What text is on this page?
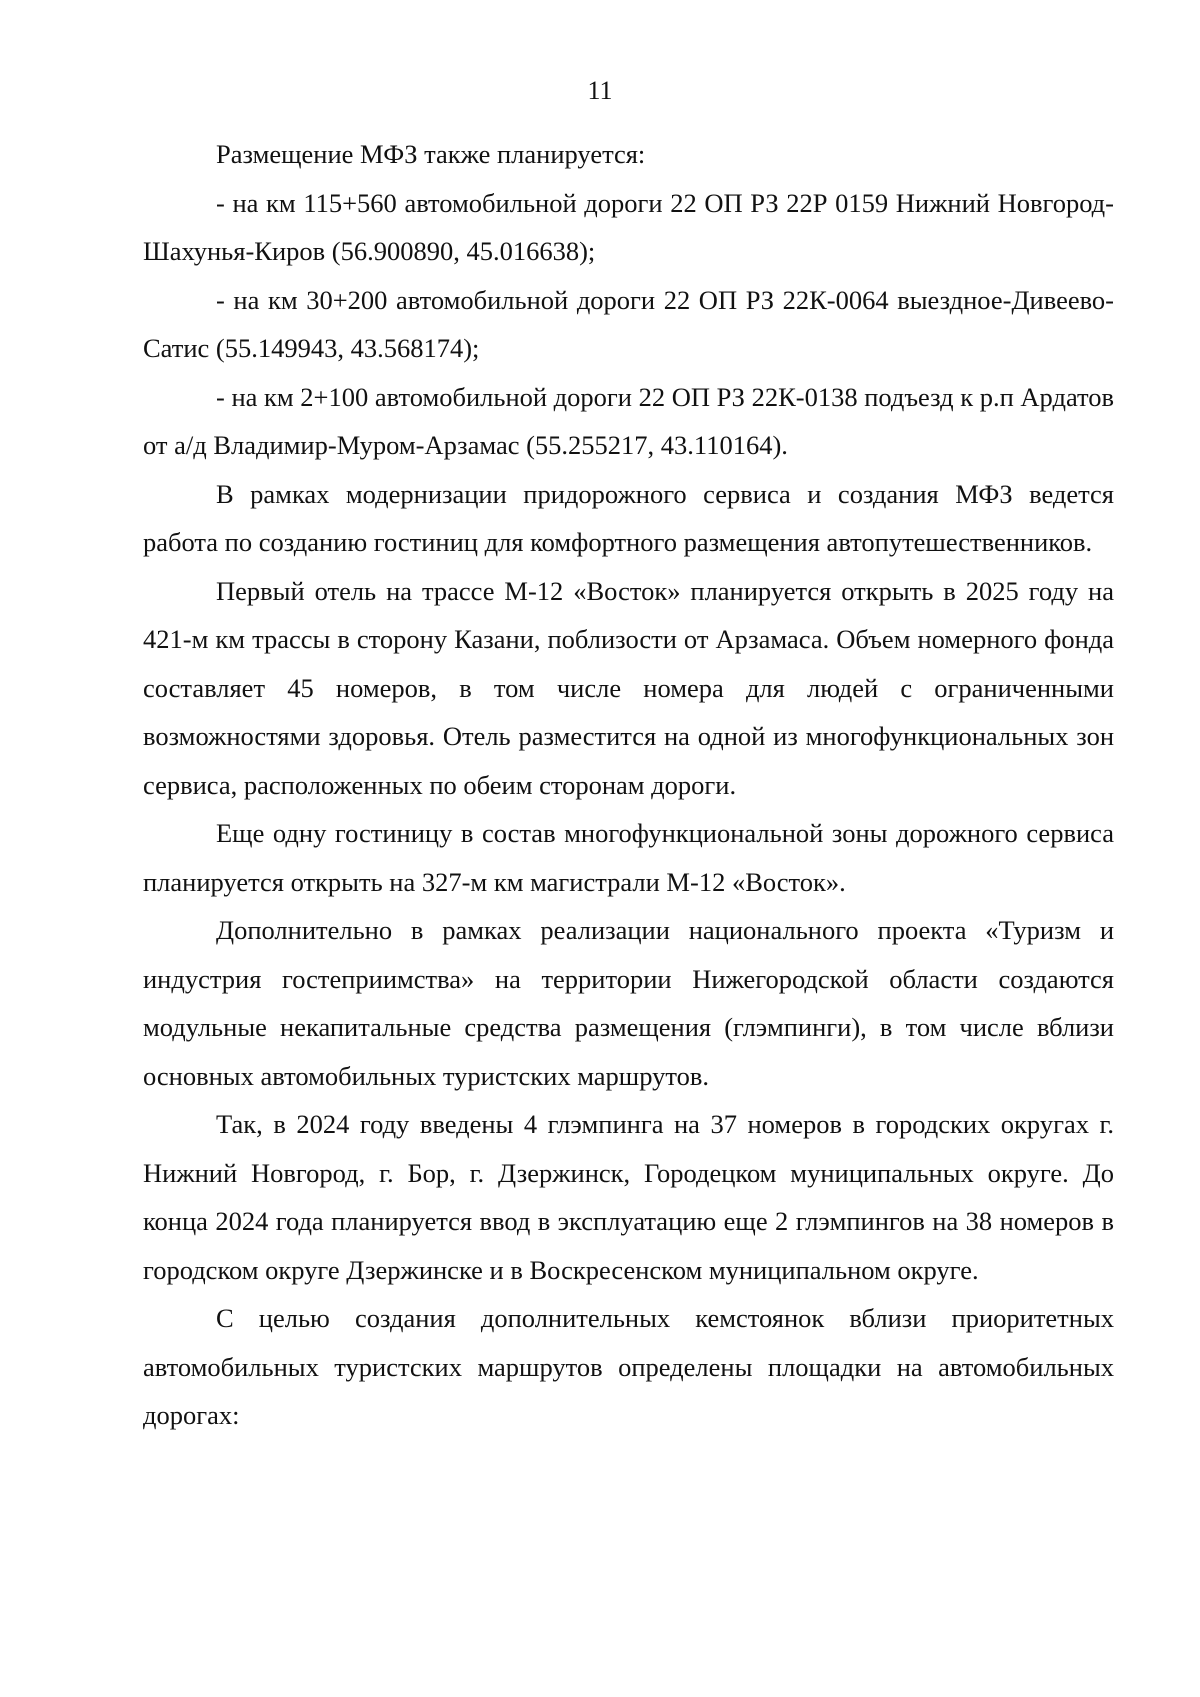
11

Размещение МФЗ также планируется:

- на км 115+560 автомобильной дороги 22 ОП РЗ 22Р 0159 Нижний Новгород-Шахунья-Киров (56.900890, 45.016638);

- на км 30+200 автомобильной дороги 22 ОП РЗ 22К-0064 выездное-Дивеево-Сатис (55.149943, 43.568174);

- на км 2+100 автомобильной дороги 22 ОП РЗ 22К-0138 подъезд к р.п Ардатов от а/д Владимир-Муром-Арзамас (55.255217, 43.110164).

В рамках модернизации придорожного сервиса и создания МФЗ ведется работа по созданию гостиниц для комфортного размещения автопутешественников.

Первый отель на трассе М-12 «Восток» планируется открыть в 2025 году на 421-м км трассы в сторону Казани, поблизости от Арзамаса. Объем номерного фонда составляет 45 номеров, в том числе номера для людей с ограниченными возможностями здоровья. Отель разместится на одной из многофункциональных зон сервиса, расположенных по обеим сторонам дороги.

Еще одну гостиницу в состав многофункциональной зоны дорожного сервиса планируется открыть на 327-м км магистрали М-12 «Восток».

Дополнительно в рамках реализации национального проекта «Туризм и индустрия гостеприимства» на территории Нижегородской области создаются модульные некапитальные средства размещения (глэмпинги), в том числе вблизи основных автомобильных туристских маршрутов.

Так, в 2024 году введены 4 глэмпинга на 37 номеров в городских округах г. Нижний Новгород, г. Бор, г. Дзержинск, Городецком муниципальных округе. До конца 2024 года планируется ввод в эксплуатацию еще 2 глэмпингов на 38 номеров в городском округе Дзержинске и в Воскресенском муниципальном округе.

С целью создания дополнительных кемстоянок вблизи приоритетных автомобильных туристских маршрутов определены площадки на автомобильных дорогах:
